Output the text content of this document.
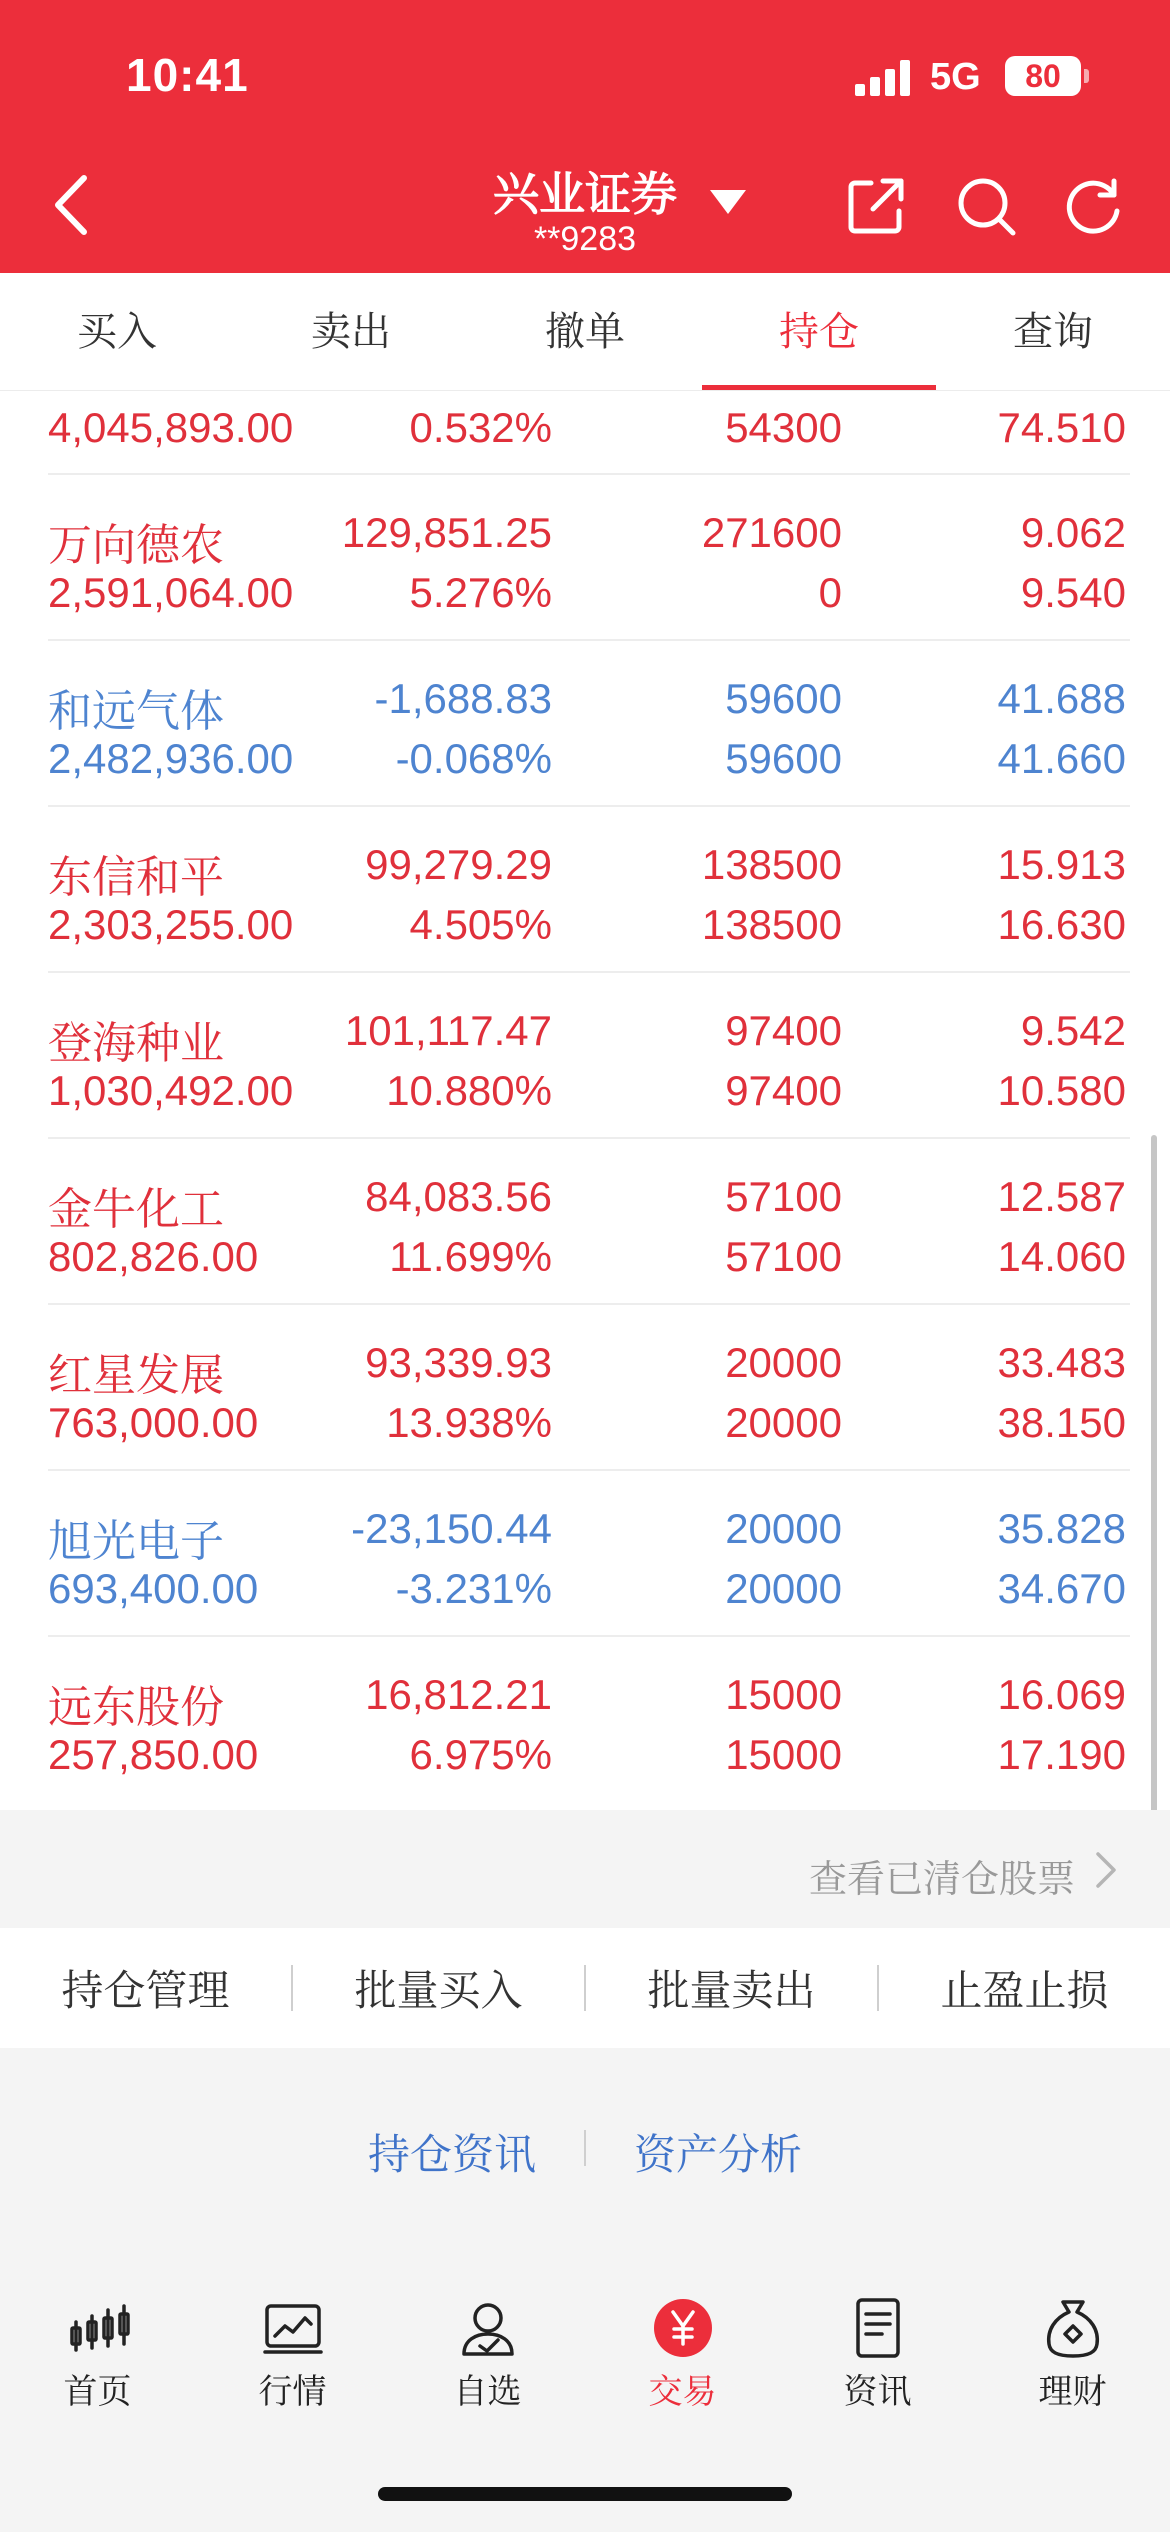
10:41	5G	80
兴业证券
**9283
买入	卖出	撤单	持仓	查询
4,045,893.00	0.532%	54300	74.510
万向德农	129,851.25	271600	9.062
2,591,064.00	5.276%	0	9.540
和远气体	-1,688.83	59600	41.688
2,482,936.00 -0.068%	59600	41.660
东信和平	99,279.29	138500	15.913
2,303,255.00	4.505%	138500	16.630
登海种业	101,117.47	97400	9.542
1,030,492.00 10.880%	97400	10.580
金牛化工	84,083.56	57100	12.587
802,826.00	11.699%	57100	14.060
红星发展	93,339.93	20000	33.483
763,000.00	13.938%	20000	38.150
旭光电子	-23,150.44	20000	35.828
693,400.00	-3.231%	20000	34.670
远东股份	16,812.21	15000	16.069
257,850.00	6.975%	15000	17.190
查看已清仓股票
持仓管理	批量买入	批量卖出	止盈止损
持仓资讯 资产分析
首页	行情	自选	交易	资讯	理财
